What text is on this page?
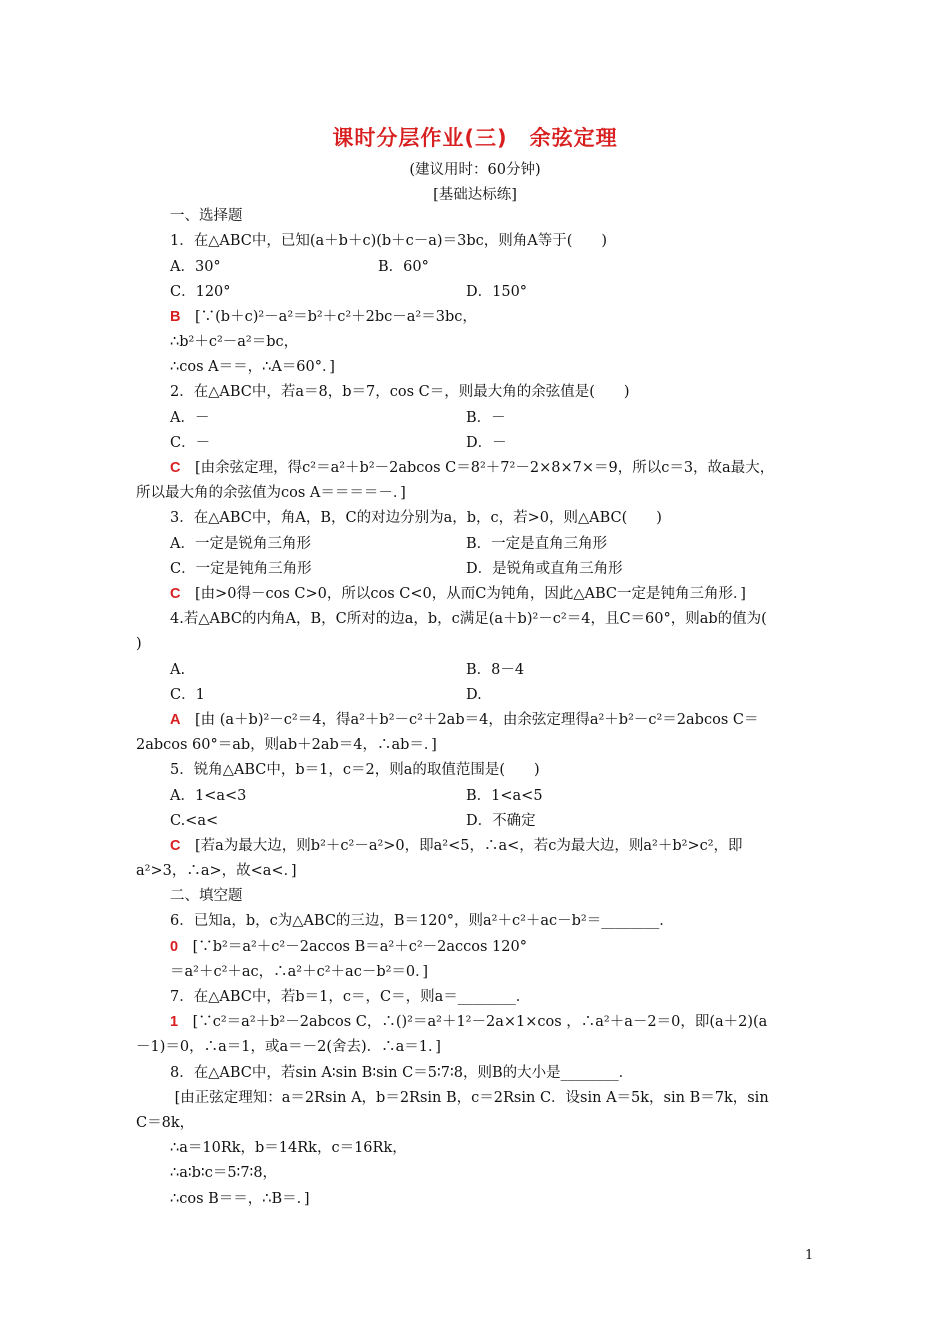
课时分层作业(三)　余弦定理
(建议用时：60分钟)
[基础达标练]
一、选择题
1．在△ABC中，已知(a＋b＋c)(b＋c－a)＝3bc，则角A等于(　　)
A．30°	B．60°
C．120°	D．150°
B　 [∵(b＋c)²－a²＝b²＋c²＋2bc－a²＝3bc，
∴b²＋c²－a²＝bc，
∴cos A＝＝，∴A＝60°．]
2．在△ABC中，若a＝8，b＝7，cos C＝，则最大角的余弦值是(　　)
A．－	B．－
C．－	D．－
C　 [由余弦定理，得c²＝a²＋b²－2abcos C＝8²＋7²－2×8×7×＝9，所以c＝3，故a最大，
所以最大角的余弦值为cos A＝＝＝＝－．]
3．在△ABC中，角A，B，C的对边分别为a，b，c，若>0，则△ABC(　　)
A．一定是锐角三角形	B．一定是直角三角形
C．一定是钝角三角形	D．是锐角或直角三角形
C　 [由>0得－cos C>0，所以cos C<0，从而C为钝角，因此△ABC一定是钝角三角形．]
4.若△ABC的内角A，B，C所对的边a，b，c满足(a＋b)²－c²＝4，且C＝60°，则ab的值为(
)
A.	B．8－4
C．1	D.
A　 [由 (a＋b)²－c²＝4，得a²＋b²－c²＋2ab＝4，由余弦定理得a²＋b²－c²＝2abcos C＝
2abcos 60°＝ab，则ab＋2ab＝4，∴ab＝．]
5．锐角△ABC中，b＝1，c＝2，则a的取值范围是(　　)
A．1<a<3	B．1<a<5
C.<a<	D．不确定
C　 [若a为最大边，则b²＋c²－a²>0，即a²<5，∴a<，若c为最大边，则a²＋b²>c²，即
a²>3，∴a>，故<a<．]
二、填空题
6．已知a，b，c为△ABC的三边，B＝120°，则a²＋c²＋ac－b²＝________．
0　 [∵b²＝a²＋c²－2accos B＝a²＋c²－2accos 120°
＝a²＋c²＋ac，∴a²＋c²＋ac－b²＝0．]
7．在△ABC中，若b＝1，c＝，C＝，则a＝________．
1　 [∵c²＝a²＋b²－2abcos C，∴()²＝a²＋1²－2a×1×cos ，∴a²＋a－2＝0，即(a＋2)(a
－1)＝0，∴a＝1，或a＝－2(舍去)．∴a＝1．]
8．在△ABC中，若sin A∶sin B∶sin C＝5∶7∶8，则B的大小是________．
[由正弦定理知：a＝2Rsin A，b＝2Rsin B，c＝2Rsin C．设sin A＝5k，sin B＝7k，sin
C＝8k，
∴a＝10Rk，b＝14Rk，c＝16Rk，
∴a∶b∶c＝5∶7∶8，
∴cos B＝＝，∴B＝．]
1
